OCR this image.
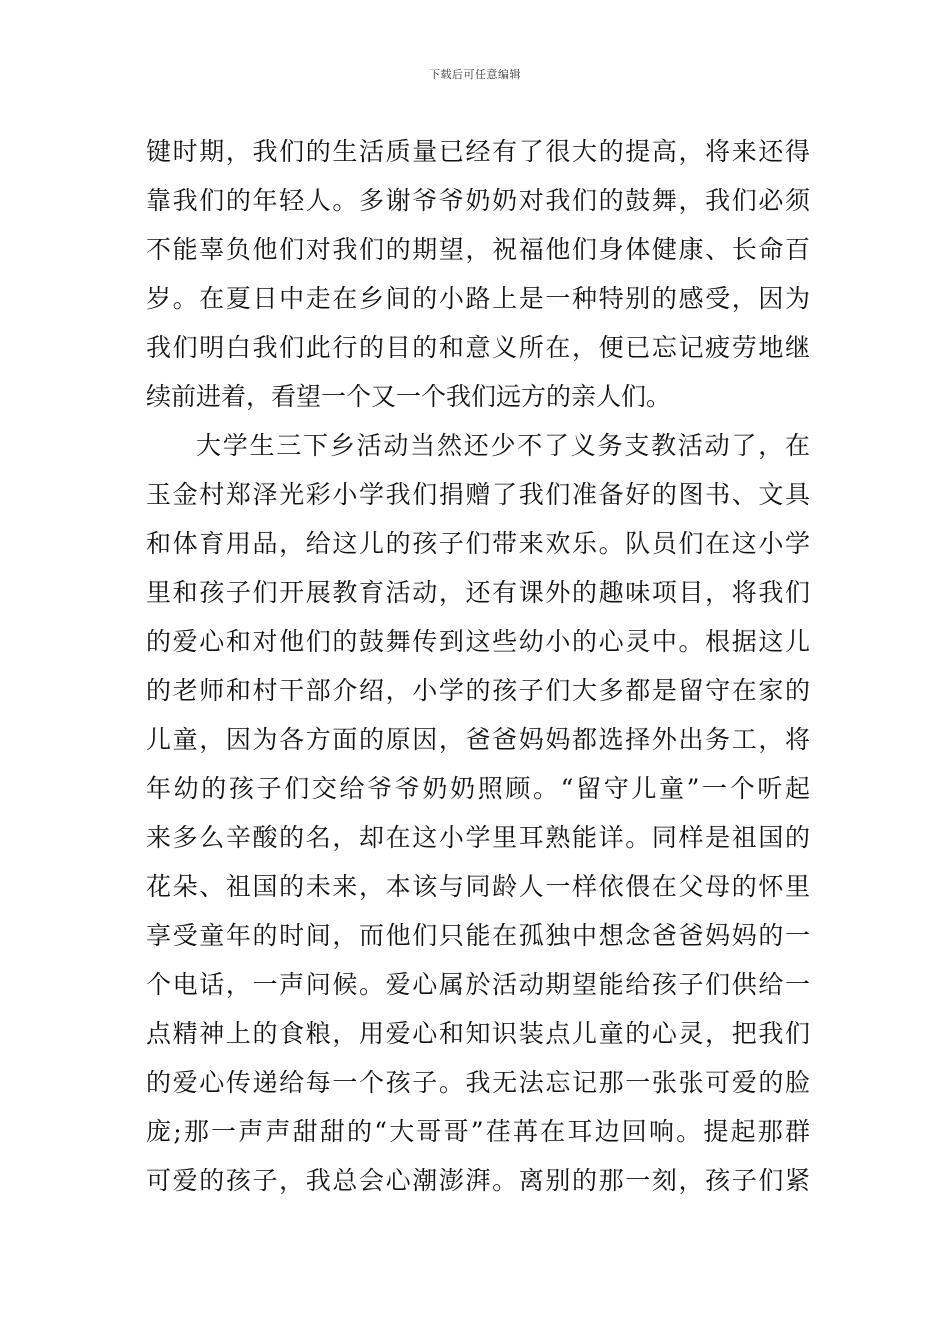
下载后可任意编辑
键时期，我们的生活质量已经有了很大的提高，将来还得
靠我们的年轻人。多谢爷爷奶奶对我们的鼓舞，我们必须
不能辜负他们对我们的期望，祝福他们身体健康、长命百
岁。在夏日中走在乡间的小路上是一种特别的感受，因为
我们明白我们此行的目的和意义所在，便已忘记疲劳地继
续前进着，看望一个又一个我们远方的亲人们。
大学生三下乡活动当然还少不了义务支教活动了，在
玉金村郑泽光彩小学我们捐赠了我们准备好的图书、文具
和体育用品，给这儿的孩子们带来欢乐。队员们在这小学
里和孩子们开展教育活动，还有课外的趣味项目，将我们
的爱心和对他们的鼓舞传到这些幼小的心灵中。根据这儿
的老师和村干部介绍，小学的孩子们大多都是留守在家的
儿童，因为各方面的原因，爸爸妈妈都选择外出务工，将
年幼的孩子们交给爷爷奶奶照顾。“留守儿童”一个听起
来多么辛酸的名，却在这小学里耳熟能详。同样是祖国的
花朵、祖国的未来，本该与同龄人一样依偎在父母的怀里
享受童年的时间，而他们只能在孤独中想念爸爸妈妈的一
个电话，一声问候。爱心属於活动期望能给孩子们供给一
点精神上的食粮，用爱心和知识装点儿童的心灵，把我们
的爱心传递给每一个孩子。我无法忘记那一张张可爱的脸
庞;那一声声甜甜的“大哥哥”荏苒在耳边回响。提起那群
可爱的孩子，我总会心潮澎湃。离别的那一刻，孩子们紧
